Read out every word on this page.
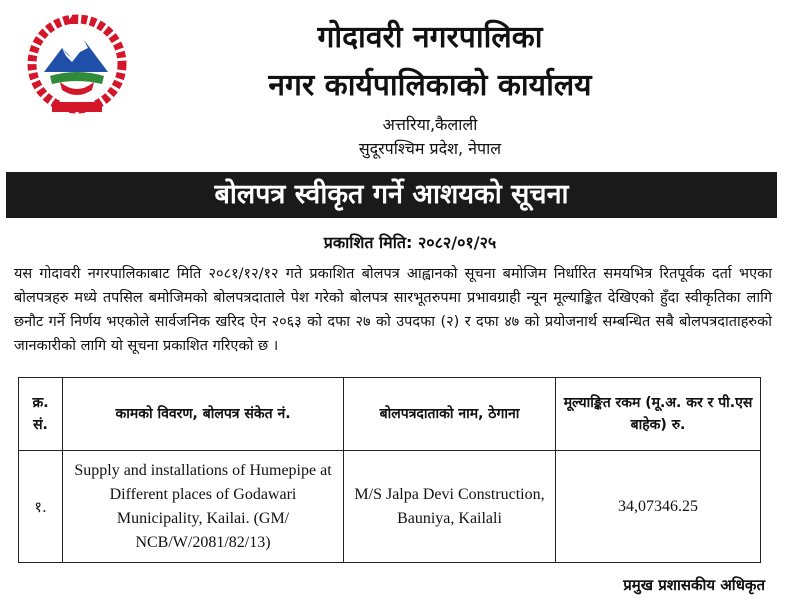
गोदावरी नगरपालिका
नगर कार्यपालिकाको कार्यालय
अत्तरिया,कैलाली
सुदूरपश्चिम प्रदेश, नेपाल
बोलपत्र स्वीकृत गर्ने आशयको सूचना
प्रकाशित मिति: २०८२/०१/२५
यस गोदावरी नगरपालिकाबाट मिति २०८१/१२/१२ गते प्रकाशित बोलपत्र आह्वानको सूचना बमोजिम निर्धारित समयभित्र रितपूर्वक दर्ता भएका बोलपत्रहरु मध्ये तपसिल बमोजिमको बोलपत्रदाताले पेश गरेको बोलपत्र सारभूतरुपमा प्रभावग्राही न्यून मूल्याङ्कित देखिएको हुँदा स्वीकृतिका लागि छनौट गर्ने निर्णय भएकोले सार्वजनिक खरिद ऐन २०६३ को दफा २७ को उपदफा (२) र दफा ४७ को प्रयोजनार्थ सम्बन्धित सबै बोलपत्रदाताहरुको जानकारीको लागि यो सूचना प्रकाशित गरिएको छ ।
क्र. सं.	कामको विवरण, बोलपत्र संकेत नं.	बोलपत्रदाताको नाम, ठेगाना	मूल्याङ्कित रकम (मू.अ. कर र पी.एस बाहेक) रु.
१.	Supply and installations of Humepipe at Different places of Godawari Municipality, Kailai. (GM/ NCB/W/2081/82/13)	M/S Jalpa Devi Construction, Bauniya, Kailali	34,07346.25
प्रमुख प्रशासकीय अधिकृत
